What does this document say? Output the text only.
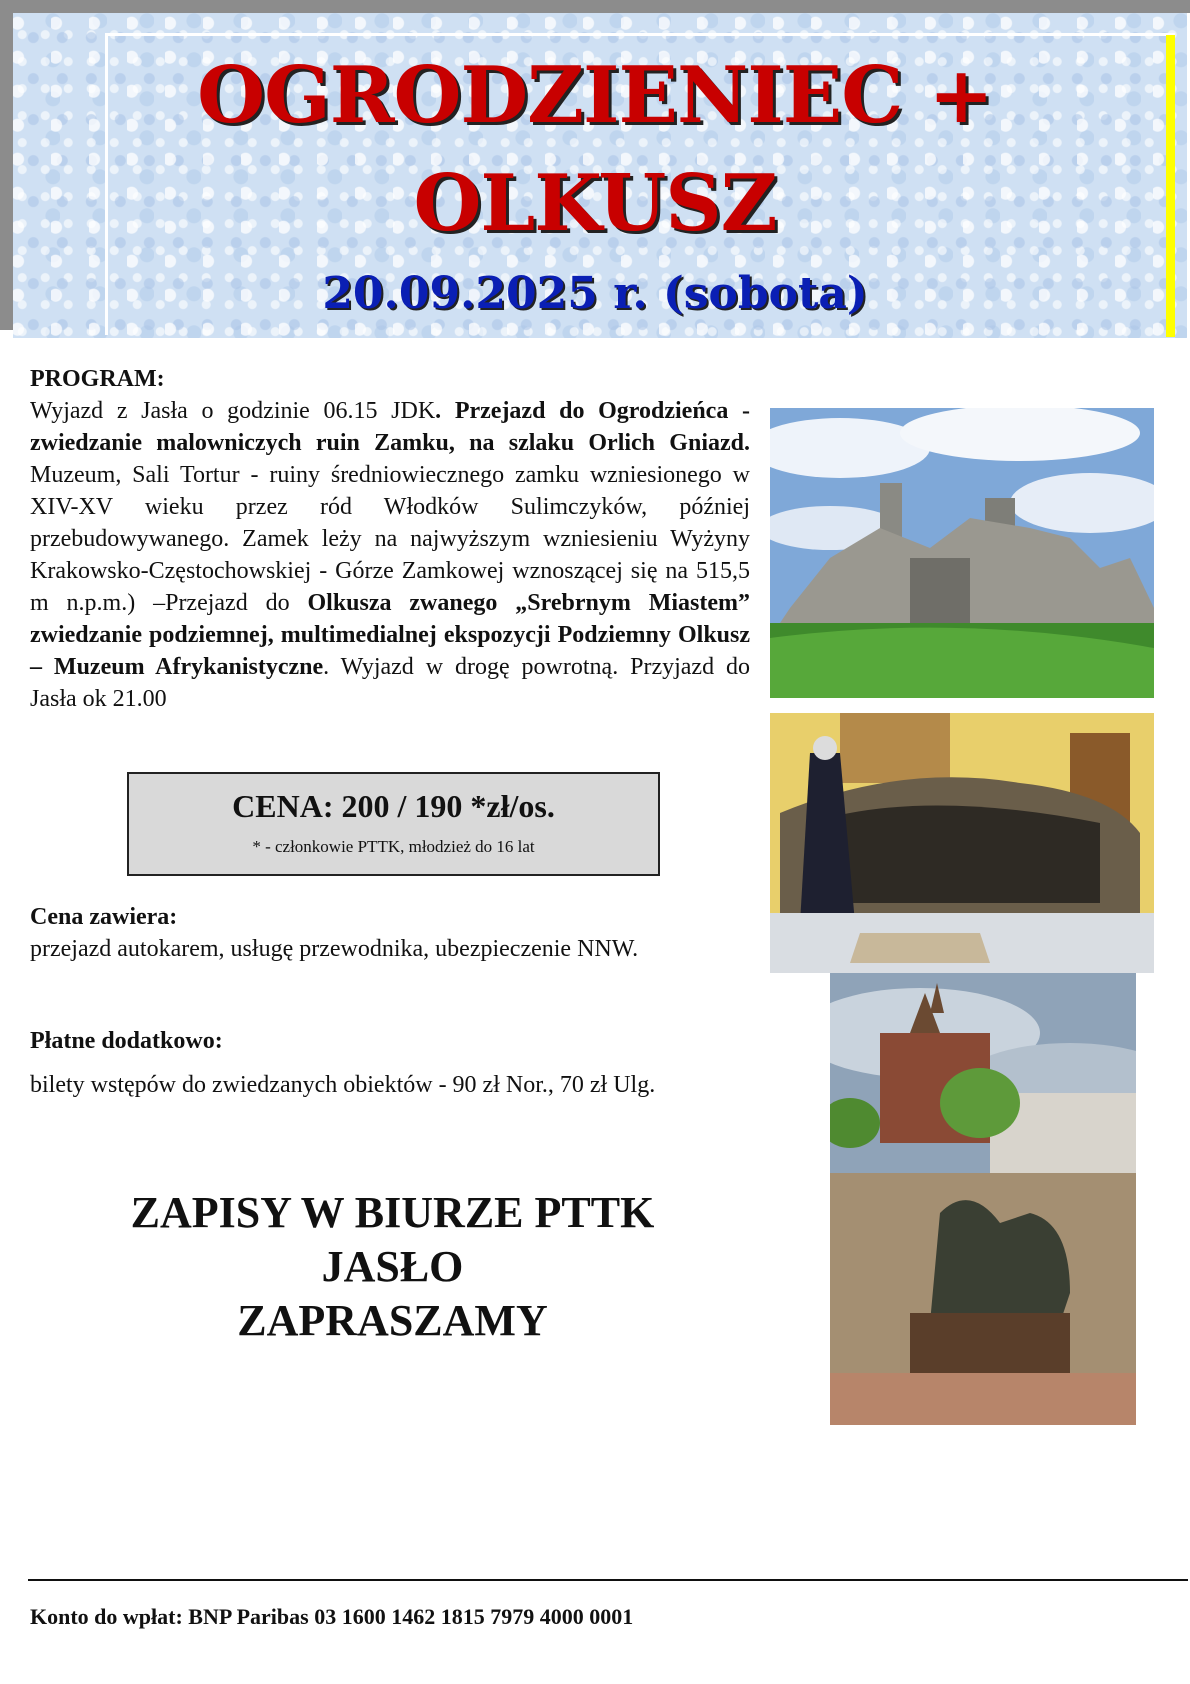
OGRODZIENIEC +
OLKUSZ
20.09.2025 r. (sobota)
PROGRAM:
Wyjazd z Jasła o godzinie 06.15 JDK. Przejazd do Ogrodzieńca - zwiedzanie malowniczych ruin Zamku, na szlaku Orlich Gniazd. Muzeum, Sali Tortur - ruiny średniowiecznego zamku wzniesionego w XIV-XV wieku przez ród Włodków Sulimczyków, później przebudowywanego. Zamek leży na najwyższym wzniesieniu Wyżyny Krakowsko-Częstochowskiej - Górze Zamkowej wznoszącej się na 515,5 m n.p.m.) –Przejazd do Olkusza zwanego „Srebrnym Miastem” zwiedzanie podziemnej, multimedialnej ekspozycji Podziemny Olkusz – Muzeum Afrykanistyczne. Wyjazd w drogę powrotną. Przyjazd do Jasła ok 21.00
CENA: 200 / 190 *zł/os.
* - członkowie PTTK, młodzież do 16 lat
Cena zawiera:
przejazd autokarem, usługę przewodnika, ubezpieczenie NNW.
Płatne dodatkowo:
bilety wstępów do zwiedzanych obiektów - 90 zł Nor., 70 zł Ulg.
ZAPISY W BIURZE PTTK
JASŁO
ZAPRASZAMY
Konto do wpłat: BNP Paribas 03 1600 1462 1815 7979 4000 0001
